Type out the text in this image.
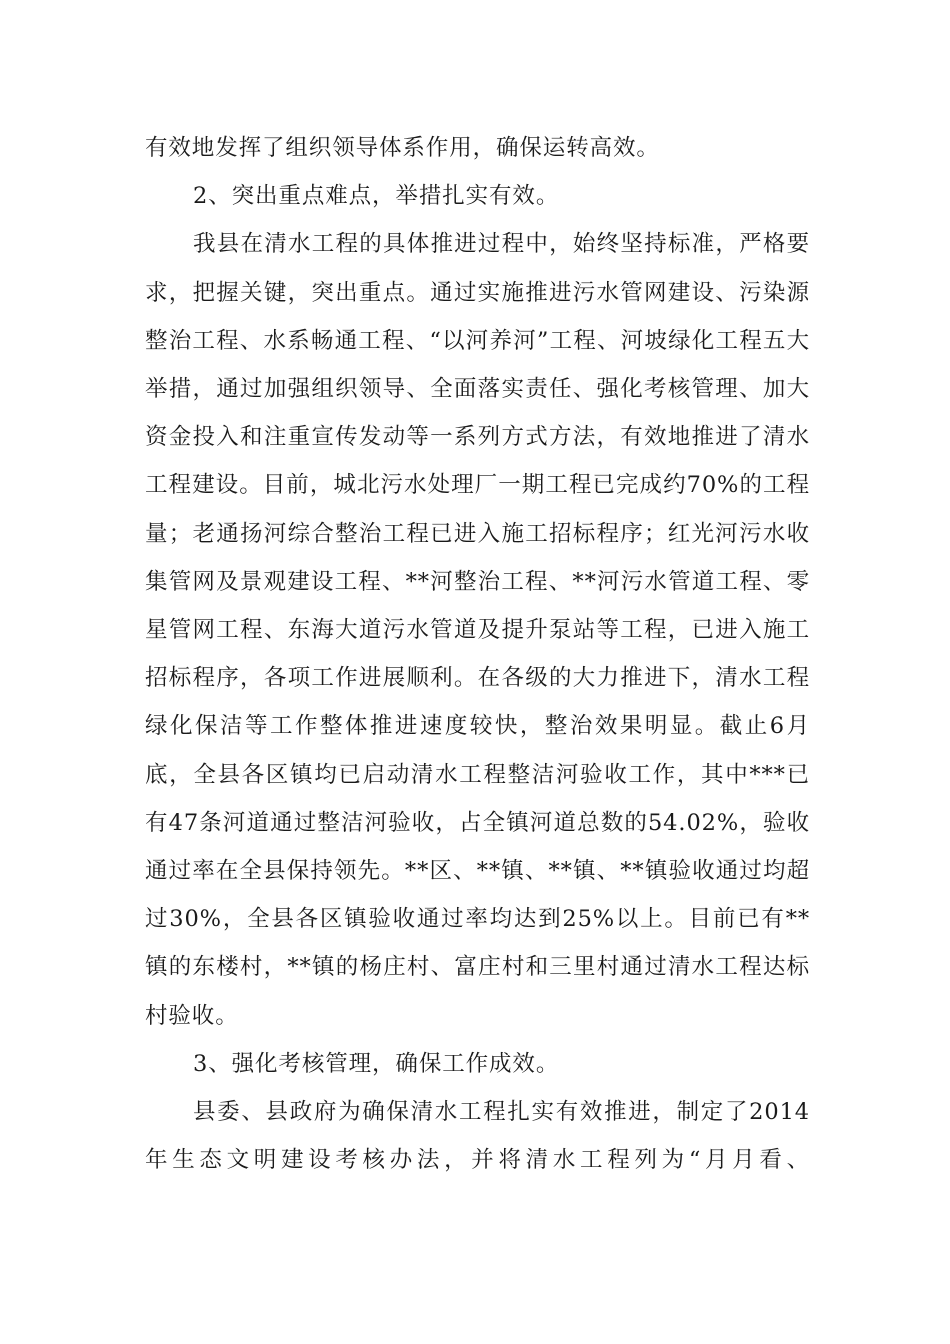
有效地发挥了组织领导体系作用，确保运转高效。

2、突出重点难点，举措扎实有效。

我县在清水工程的具体推进过程中，始终坚持标准，严格要求，把握关键，突出重点。通过实施推进污水管网建设、污染源整治工程、水系畅通工程、“以河养河”工程、河坡绿化工程五大举措，通过加强组织领导、全面落实责任、强化考核管理、加大资金投入和注重宣传发动等一系列方式方法，有效地推进了清水工程建设。目前，城北污水处理厂一期工程已完成约70%的工程量；老通扬河综合整治工程已进入施工招标程序；红光河污水收集管网及景观建设工程、**河整治工程、**河污水管道工程、零星管网工程、东海大道污水管道及提升泵站等工程，已进入施工招标程序，各项工作进展顺利。在各级的大力推进下，清水工程绿化保洁等工作整体推进速度较快，整治效果明显。截止6月底，全县各区镇均已启动清水工程整洁河验收工作，其中***已有47条河道通过整洁河验收，占全镇河道总数的54.02%，验收通过率在全县保持领先。**区、**镇、**镇、**镇验收通过均超过30%，全县各区镇验收通过率均达到25%以上。目前已有**镇的东楼村，**镇的杨庄村、富庄村和三里村通过清水工程达标村验收。

3、强化考核管理，确保工作成效。

县委、县政府为确保清水工程扎实有效推进，制定了2014年生态文明建设考核办法，并将清水工程列为“月月看、
